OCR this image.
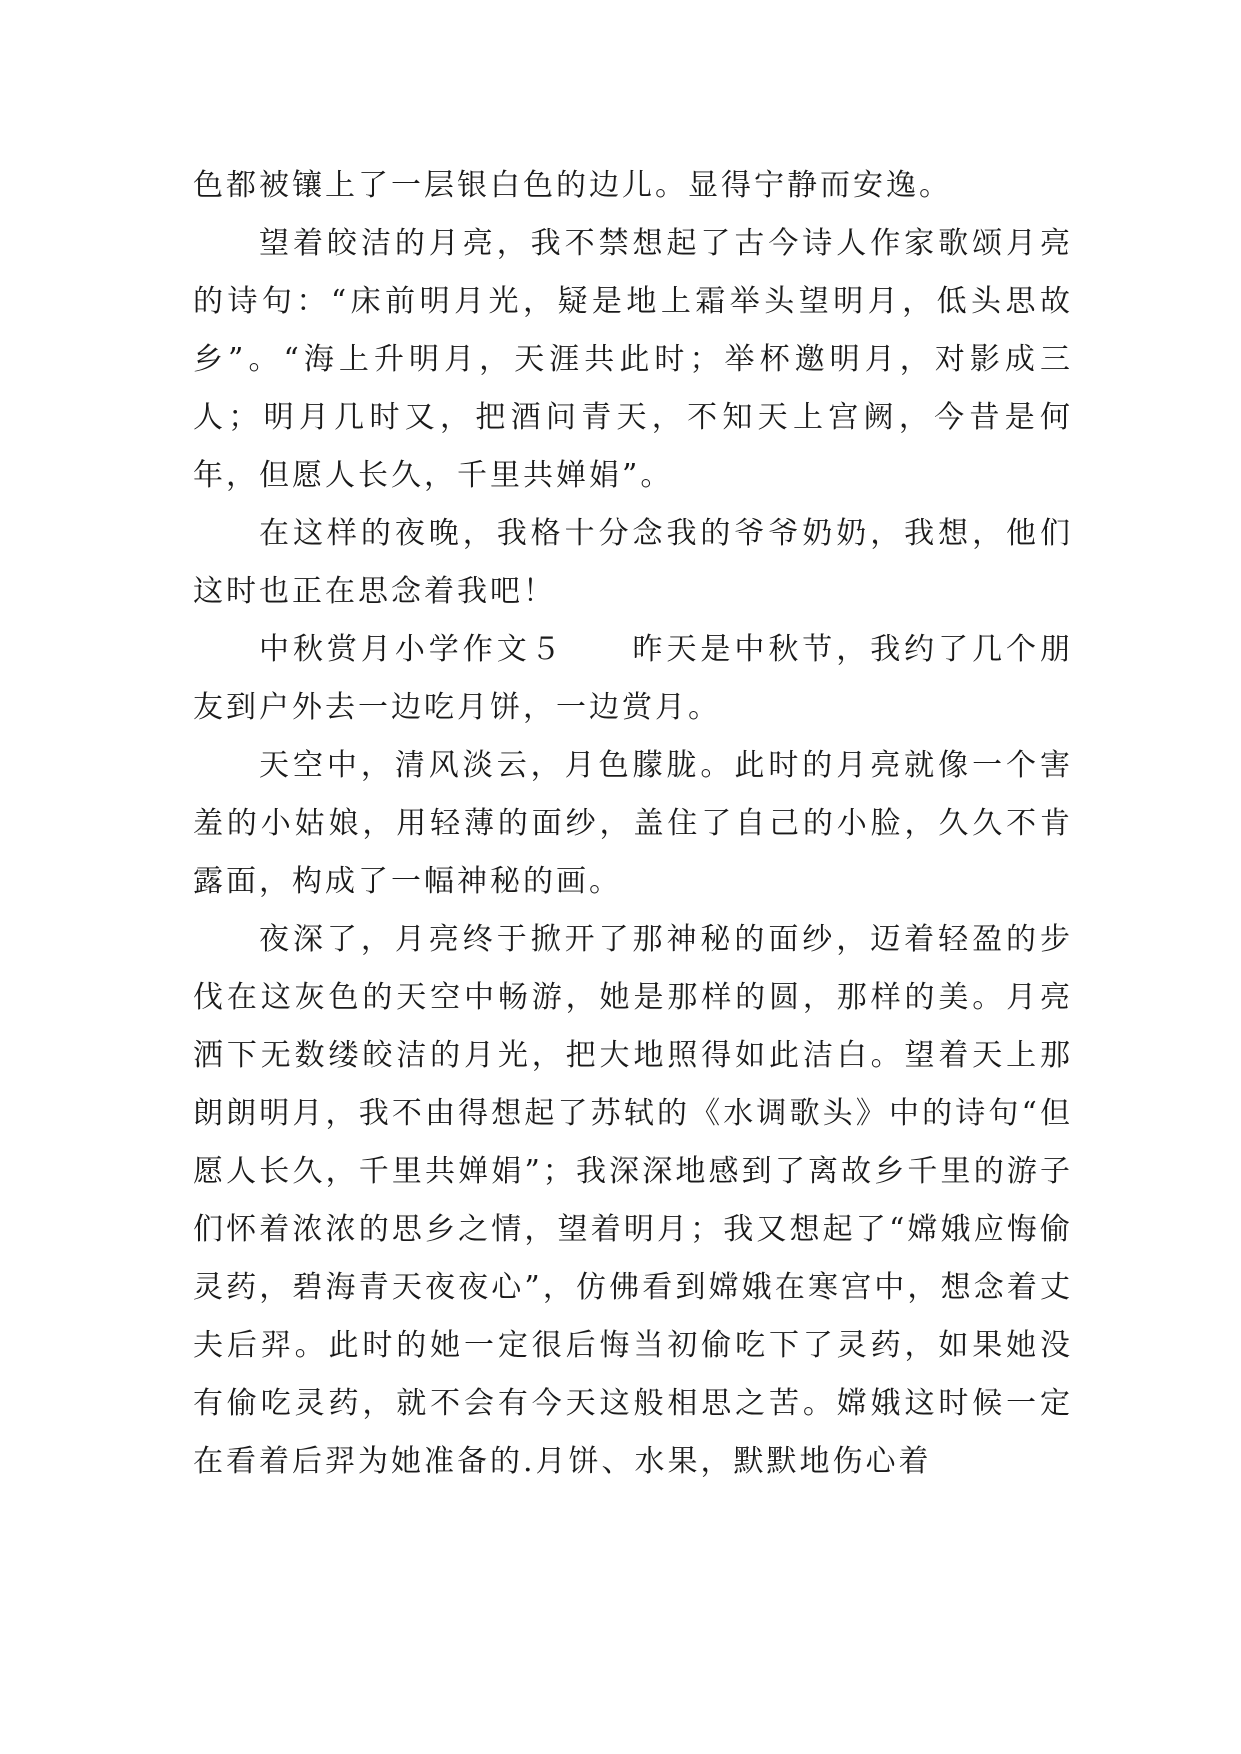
色都被镶上了一层银白色的边儿。显得宁静而安逸。

望着皎洁的月亮，我不禁想起了古今诗人作家歌颂月亮的诗句：“床前明月光，疑是地上霜举头望明月，低头思故乡”。“海上升明月，天涯共此时；举杯邀明月，对影成三人；明月几时又，把酒问青天，不知天上宫阙，今昔是何年，但愿人长久，千里共婵娟”。

在这样的夜晚，我格十分念我的爷爷奶奶，我想，他们这时也正在思念着我吧！

中秋赏月小学作文５　　昨天是中秋节，我约了几个朋友到户外去一边吃月饼，一边赏月。

天空中，清风淡云，月色朦胧。此时的月亮就像一个害羞的小姑娘，用轻薄的面纱，盖住了自己的小脸，久久不肯露面，构成了一幅神秘的画。

夜深了，月亮终于掀开了那神秘的面纱，迈着轻盈的步伐在这灰色的天空中畅游，她是那样的圆，那样的美。月亮洒下无数缕皎洁的月光，把大地照得如此洁白。望着天上那朗朗明月，我不由得想起了苏轼的《水调歌头》中的诗句“但愿人长久，千里共婵娟”；我深深地感到了离故乡千里的游子们怀着浓浓的思乡之情，望着明月；我又想起了“嫦娥应悔偷灵药，碧海青天夜夜心”，仿佛看到嫦娥在寒宫中，想念着丈夫后羿。此时的她一定很后悔当初偷吃下了灵药，如果她没有偷吃灵药，就不会有今天这般相思之苦。嫦娥这时候一定在看着后羿为她准备的.月饼、水果，默默地伤心着
